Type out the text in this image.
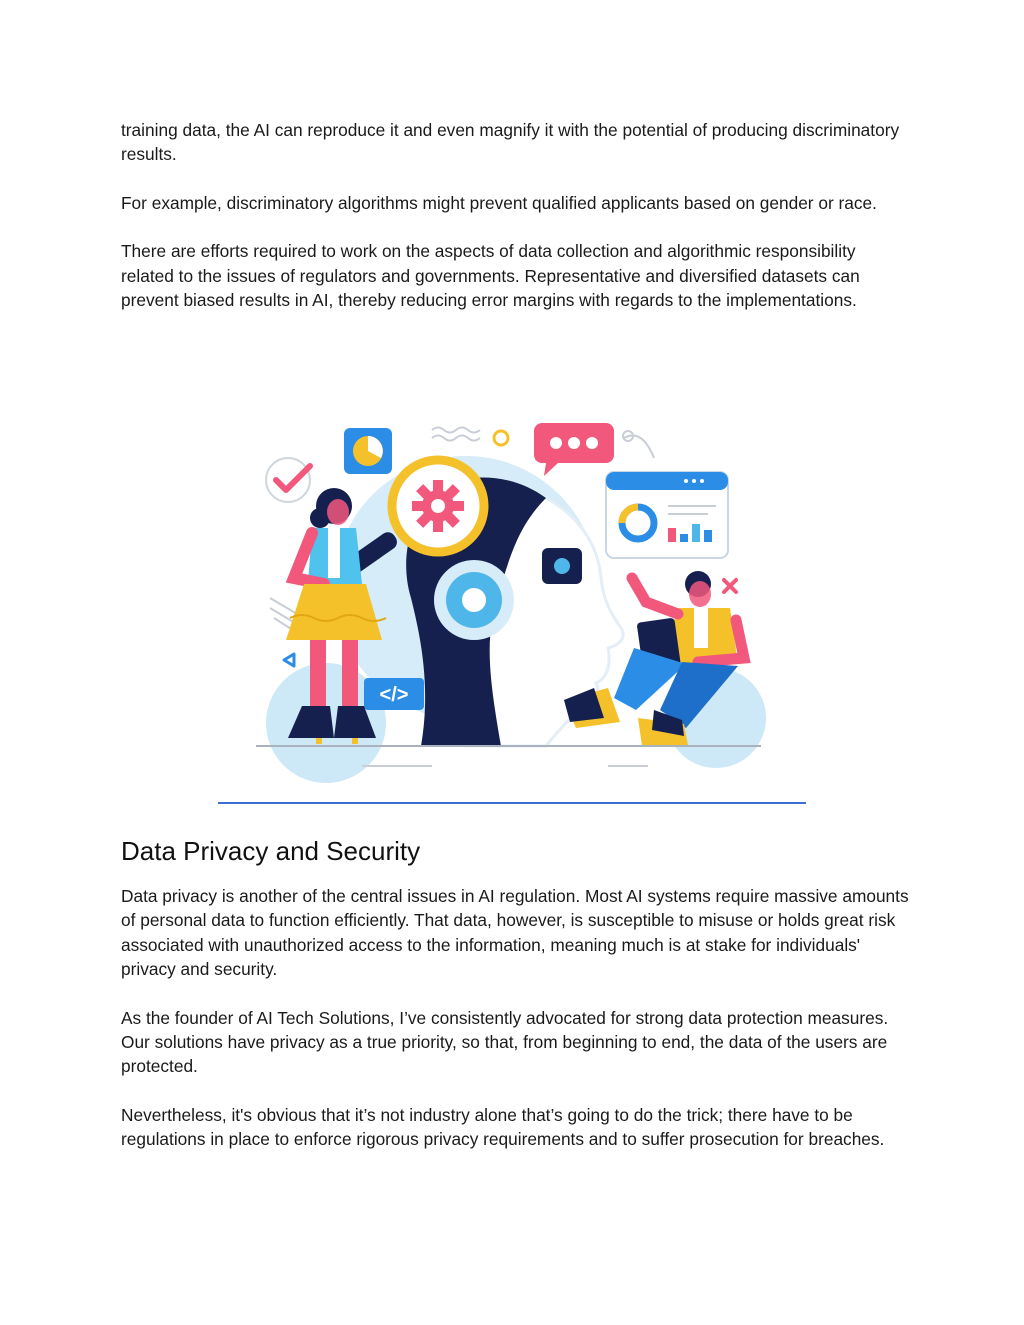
training data, the AI can reproduce it and even magnify it with the potential of producing discriminatory results.

For example, discriminatory algorithms might prevent qualified applicants based on gender or race.

There are efforts required to work on the aspects of data collection and algorithmic responsibility related to the issues of regulators and governments. Representative and diversified datasets can prevent biased results in AI, thereby reducing error margins with regards to the implementations.

</>
Data Privacy and Security

Data privacy is another of the central issues in AI regulation. Most AI systems require massive amounts of personal data to function efficiently. That data, however, is susceptible to misuse or holds great risk associated with unauthorized access to the information, meaning much is at stake for individuals' privacy and security.

As the founder of AI Tech Solutions, I’ve consistently advocated for strong data protection measures. Our solutions have privacy as a true priority, so that, from beginning to end, the data of the users are protected.

Nevertheless, it's obvious that it’s not industry alone that’s going to do the trick; there have to be regulations in place to enforce rigorous privacy requirements and to suffer prosecution for breaches.
